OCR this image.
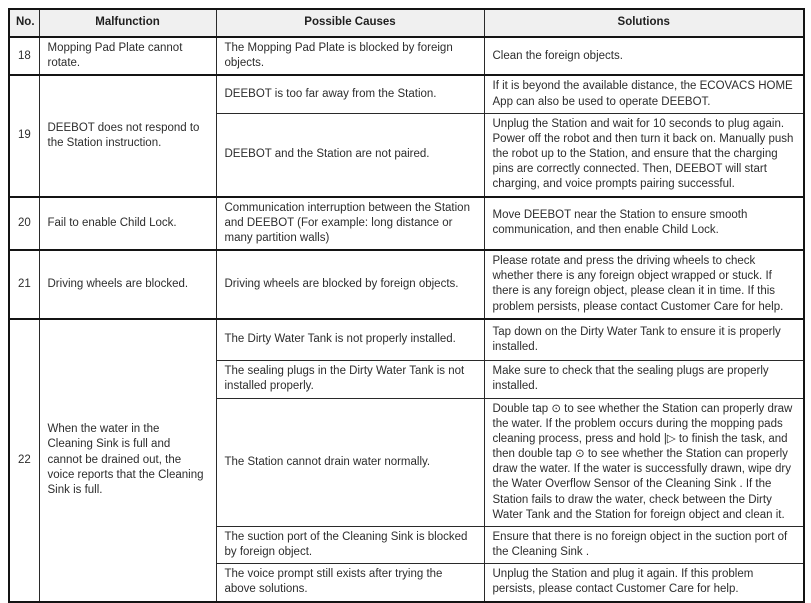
No.	Malfunction	Possible Causes	Solutions
18	Mopping Pad Plate cannot rotate.	The Mopping Pad Plate is blocked by foreign objects.	Clean the foreign objects.
19	DEEBOT does not respond to the Station instruction.	DEEBOT is too far away from the Station.	If it is beyond the available distance, the ECOVACS HOME App can also be used to operate DEEBOT.
		DEEBOT and the Station are not paired.	Unplug the Station and wait for 10 seconds to plug again. Power off the robot and then turn it back on. Manually push the robot up to the Station, and ensure that the charging pins are correctly connected. Then, DEEBOT will start charging, and voice prompts pairing successful.
20	Fail to enable Child Lock.	Communication interruption between the Station and DEEBOT (For example: long distance or many partition walls)	Move DEEBOT near the Station to ensure smooth communication, and then enable Child Lock.
21	Driving wheels are blocked.	Driving wheels are blocked by foreign objects.	Please rotate and press the driving wheels to check whether there is any foreign object wrapped or stuck. If there is any foreign object, please clean it in time. If this problem persists, please contact Customer Care for help.
22	When the water in the Cleaning Sink is full and cannot be drained out, the voice reports that the Cleaning Sink is full.	The Dirty Water Tank is not properly installed.	Tap down on the Dirty Water Tank to ensure it is properly installed.
		The sealing plugs in the Dirty Water Tank is not installed properly.	Make sure to check that the sealing plugs are properly installed.
		The Station cannot drain water normally.	Double tap ⊙ to see whether the Station can properly draw the water. If the problem occurs during the mopping pads cleaning process, press and hold |▷ to finish the task, and then double tap ⊙ to see whether the Station can properly draw the water. If the water is successfully drawn, wipe dry the Water Overflow Sensor of the Cleaning Sink . If the Station fails to draw the water, check between the Dirty Water Tank and the Station for foreign object and clean it.
		The suction port of the Cleaning Sink is blocked by foreign object.	Ensure that there is no foreign object in the suction port of the Cleaning Sink .
		The voice prompt still exists after trying the above solutions.	Unplug the Station and plug it again. If this problem persists, please contact Customer Care for help.
